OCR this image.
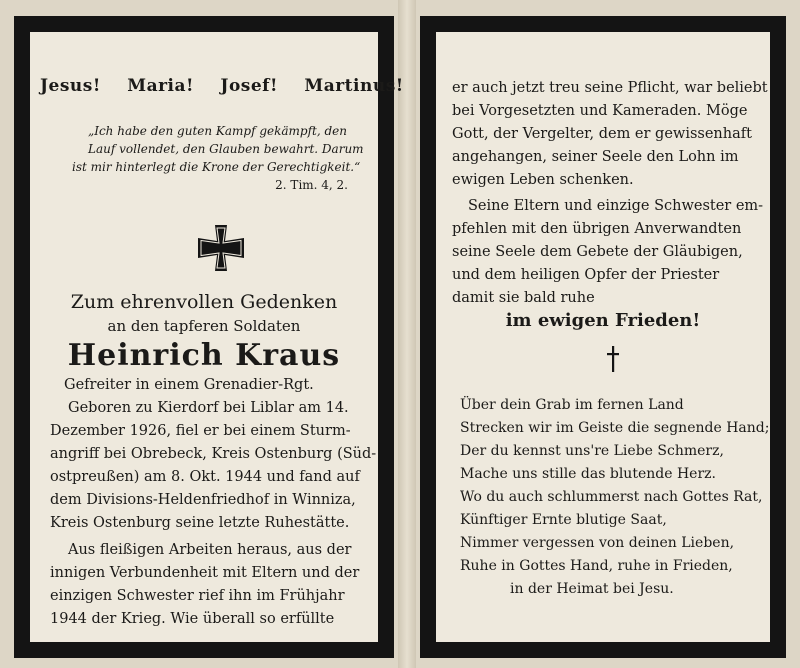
Jesus! Maria! Josef! Martinus!
„Ich habe den guten Kampf gekämpft, den
Lauf vollendet, den Glauben bewahrt. Darum
ist mir hinterlegt die Krone der Gerechtigkeit.“
2. Tim. 4, 2.
Zum ehrenvollen Gedenken
an den tapferen Soldaten
Heinrich Kraus
Gefreiter in einem Grenadier-Rgt.
Geboren zu Kierdorf bei Liblar am 14.
Dezember 1926, fiel er bei einem Sturm-
angriff bei Obrebeck, Kreis Ostenburg (Süd-
ostpreußen) am 8. Okt. 1944 und fand auf
dem Divisions-Heldenfriedhof in Winniza,
Kreis Ostenburg seine letzte Ruhestätte.
Aus fleißigen Arbeiten heraus, aus der
innigen Verbundenheit mit Eltern und der
einzigen Schwester rief ihn im Frühjahr
1944 der Krieg. Wie überall so erfüllte
er auch jetzt treu seine Pflicht, war beliebt
bei Vorgesetzten und Kameraden. Möge
Gott, der Vergelter, dem er gewissenhaft
angehangen, seiner Seele den Lohn im
ewigen Leben schenken.
Seine Eltern und einzige Schwester em-
pfehlen mit den übrigen Anverwandten
seine Seele dem Gebete der Gläubigen,
und dem heiligen Opfer der Priester
damit sie bald ruhe
im ewigen Frieden!
Über dein Grab im fernen Land
Strecken wir im Geiste die segnende Hand;
Der du kennst uns're Liebe Schmerz,
Mache uns stille das blutende Herz.
Wo du auch schlummerst nach Gottes Rat,
Künftiger Ernte blutige Saat,
Nimmer vergessen von deinen Lieben,
Ruhe in Gottes Hand, ruhe in Frieden,
in der Heimat bei Jesu.
